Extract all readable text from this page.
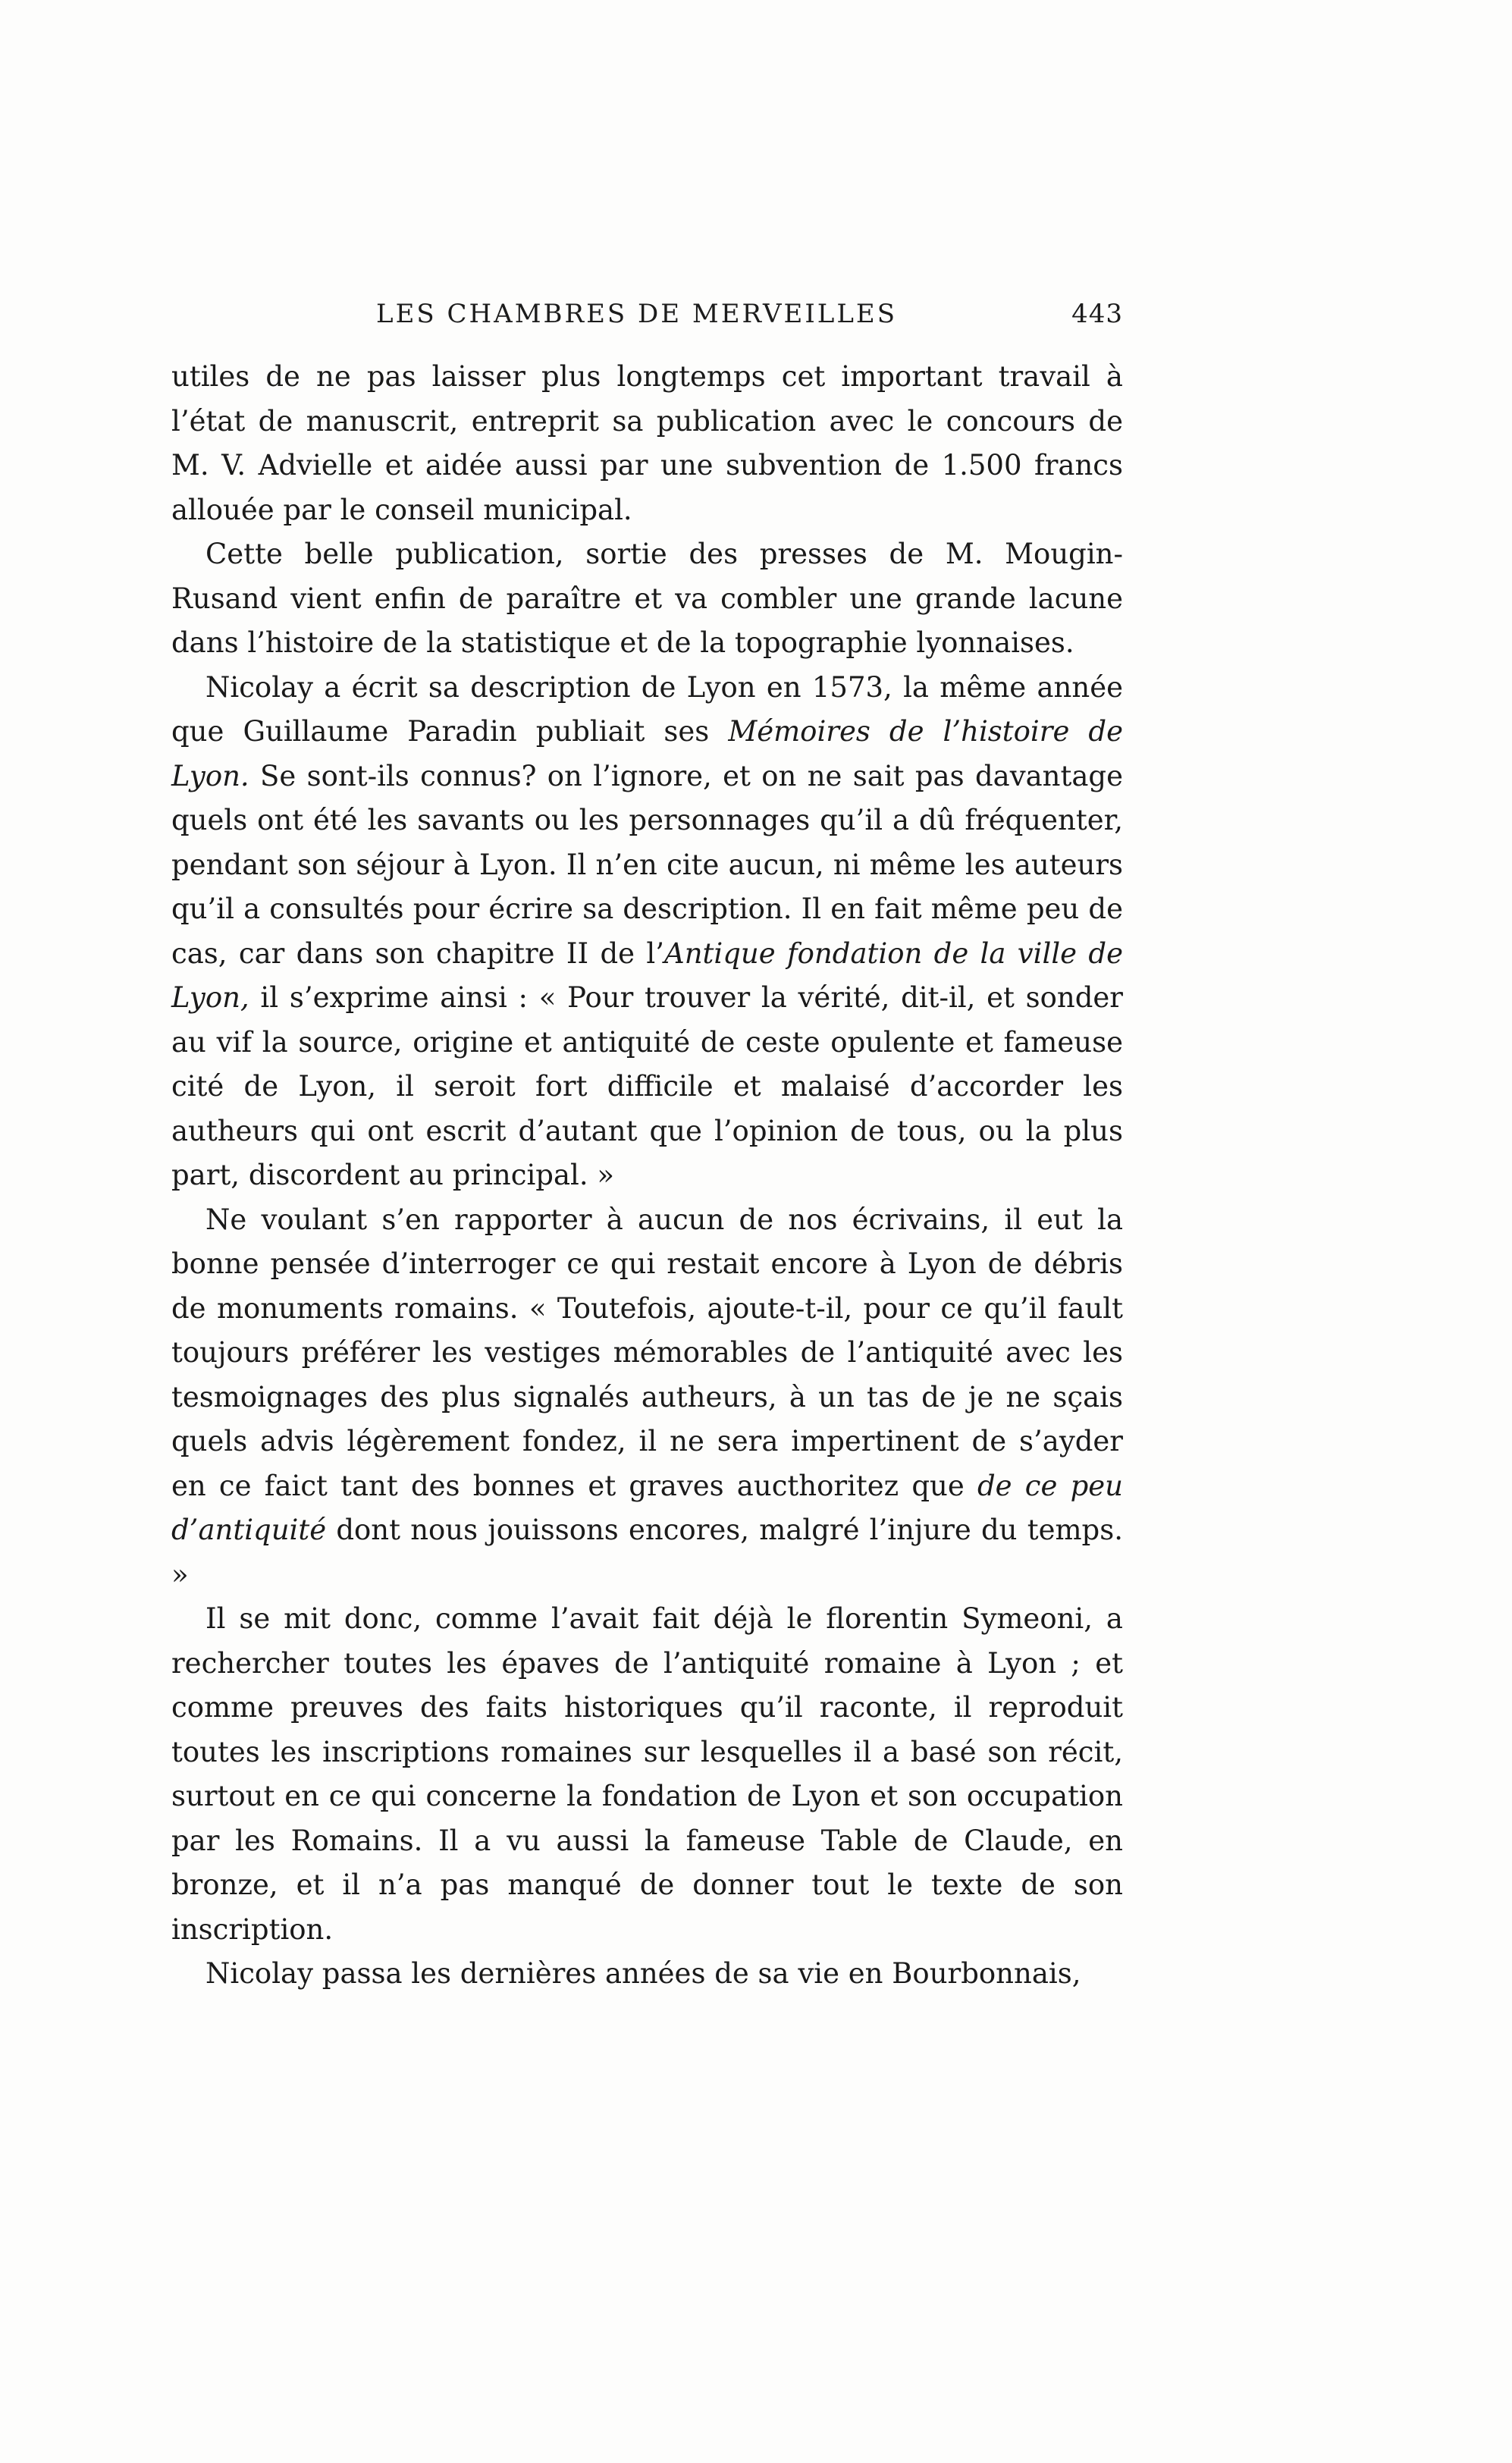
LES CHAMBRES DE MERVEILLES	443

utiles de ne pas laisser plus longtemps cet important travail à l’état de manuscrit, entreprit sa publication avec le concours de M. V. Advielle et aidée aussi par une subvention de 1.500 francs allouée par le conseil municipal.

Cette belle publication, sortie des presses de M. Mougin-Rusand vient enfin de paraître et va combler une grande lacune dans l’histoire de la statistique et de la topographie lyonnaises.

Nicolay a écrit sa description de Lyon en 1573, la même année que Guillaume Paradin publiait ses Mémoires de l’histoire de Lyon. Se sont-ils connus? on l’ignore, et on ne sait pas davantage quels ont été les savants ou les personnages qu’il a dû fréquenter, pendant son séjour à Lyon. Il n’en cite aucun, ni même les auteurs qu’il a consultés pour écrire sa description. Il en fait même peu de cas, car dans son chapitre II de l’Antique fondation de la ville de Lyon, il s’exprime ainsi : « Pour trouver la vérité, dit-il, et sonder au vif la source, origine et antiquité de ceste opulente et fameuse cité de Lyon, il seroit fort difficile et malaisé d’accorder les autheurs qui ont escrit d’autant que l’opinion de tous, ou la plus part, discordent au principal. »

Ne voulant s’en rapporter à aucun de nos écrivains, il eut la bonne pensée d’interroger ce qui restait encore à Lyon de débris de monuments romains. « Toutefois, ajoute-t-il, pour ce qu’il fault toujours préférer les vestiges mémorables de l’antiquité avec les tesmoignages des plus signalés autheurs, à un tas de je ne sçais quels advis légèrement fondez, il ne sera impertinent de s’ayder en ce faict tant des bonnes et graves aucthoritez que de ce peu d’antiquité dont nous jouissons encores, malgré l’injure du temps. »

Il se mit donc, comme l’avait fait déjà le florentin Symeoni, a rechercher toutes les épaves de l’antiquité romaine à Lyon ; et comme preuves des faits historiques qu’il raconte, il reproduit toutes les inscriptions romaines sur lesquelles il a basé son récit, surtout en ce qui concerne la fondation de Lyon et son occupation par les Romains. Il a vu aussi la fameuse Table de Claude, en bronze, et il n’a pas manqué de donner tout le texte de son inscription.

Nicolay passa les dernières années de sa vie en Bourbonnais,
